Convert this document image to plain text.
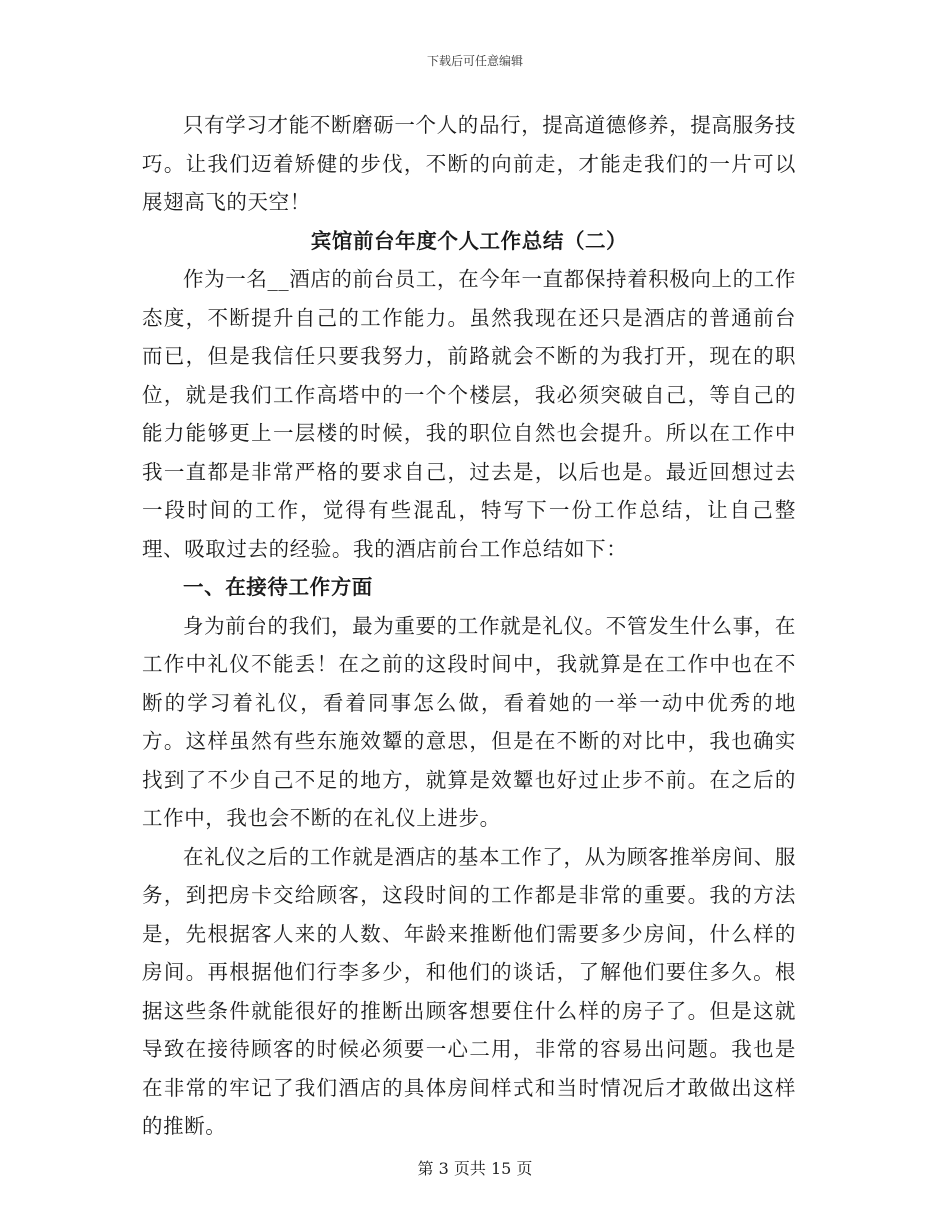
下载后可任意编辑

只有学习才能不断磨砺一个人的品行，提高道德修养，提高服务技巧。让我们迈着矫健的步伐，不断的向前走，才能走我们的一片可以展翅高飞的天空！

宾馆前台年度个人工作总结（二）

作为一名__酒店的前台员工，在今年一直都保持着积极向上的工作态度，不断提升自己的工作能力。虽然我现在还只是酒店的普通前台而已，但是我信任只要我努力，前路就会不断的为我打开，现在的职位，就是我们工作高塔中的一个个楼层，我必须突破自己，等自己的能力能够更上一层楼的时候，我的职位自然也会提升。所以在工作中我一直都是非常严格的要求自己，过去是，以后也是。最近回想过去一段时间的工作，觉得有些混乱，特写下一份工作总结，让自己整理、吸取过去的经验。我的酒店前台工作总结如下：

一、在接待工作方面

身为前台的我们，最为重要的工作就是礼仪。不管发生什么事，在工作中礼仪不能丢！在之前的这段时间中，我就算是在工作中也在不断的学习着礼仪，看着同事怎么做，看着她的一举一动中优秀的地方。这样虽然有些东施效颦的意思，但是在不断的对比中，我也确实找到了不少自己不足的地方，就算是效颦也好过止步不前。在之后的工作中，我也会不断的在礼仪上进步。

在礼仪之后的工作就是酒店的基本工作了，从为顾客推举房间、服务，到把房卡交给顾客，这段时间的工作都是非常的重要。我的方法是，先根据客人来的人数、年龄来推断他们需要多少房间，什么样的房间。再根据他们行李多少，和他们的谈话，了解他们要住多久。根据这些条件就能很好的推断出顾客想要住什么样的房子了。但是这就导致在接待顾客的时候必须要一心二用，非常的容易出问题。我也是在非常的牢记了我们酒店的具体房间样式和当时情况后才敢做出这样的推断。

第 3 页共 15 页
